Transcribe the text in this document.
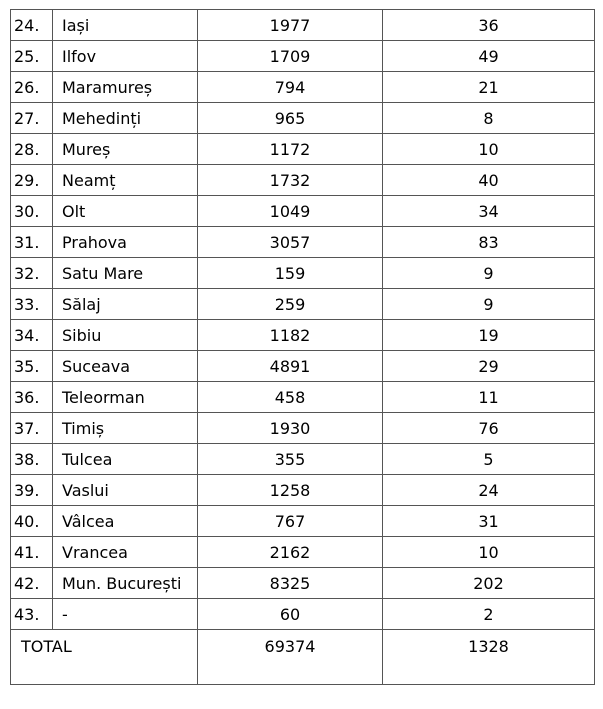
24.	Iași	1977	36
25.	Ilfov	1709	49
26.	Maramureș	794	21
27.	Mehedinți	965	8
28.	Mureș	1172	10
29.	Neamț	1732	40
30.	Olt	1049	34
31.	Prahova	3057	83
32.	Satu Mare	159	9
33.	Sălaj	259	9
34.	Sibiu	1182	19
35.	Suceava	4891	29
36.	Teleorman	458	11
37.	Timiș	1930	76
38.	Tulcea	355	5
39.	Vaslui	1258	24
40.	Vâlcea	767	31
41.	Vrancea	2162	10
42.	Mun. București	8325	202
43.	-	60	2
TOTAL		69374	1328
